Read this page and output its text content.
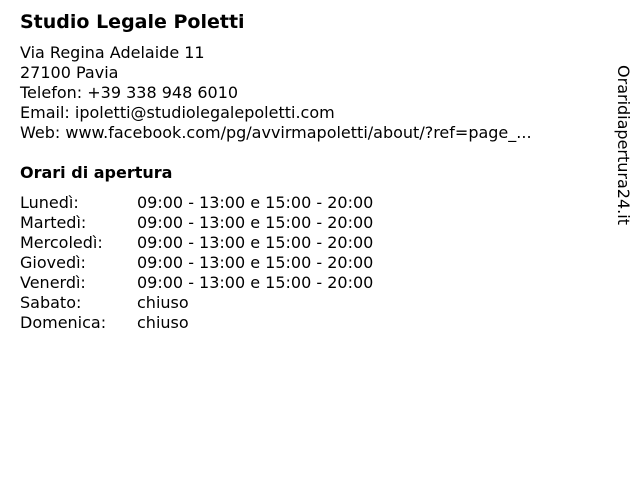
Studio Legale Poletti
Via Regina Adelaide 11
27100 Pavia
Telefon: +39 338 948 6010
Email: ipoletti@studiolegalepoletti.com
Web: www.facebook.com/pg/avvirmapoletti/about/?ref=page_...
Orari di apertura
Lunedì:	09:00 - 13:00 e 15:00 - 20:00
Martedì:	09:00 - 13:00 e 15:00 - 20:00
Mercoledì: 09:00 - 13:00 e 15:00 - 20:00
Giovedì:	09:00 - 13:00 e 15:00 - 20:00
Venerdì:	09:00 - 13:00 e 15:00 - 20:00
Sabato:	chiuso
Domenica: chiuso
Oraridiapertura24.it
